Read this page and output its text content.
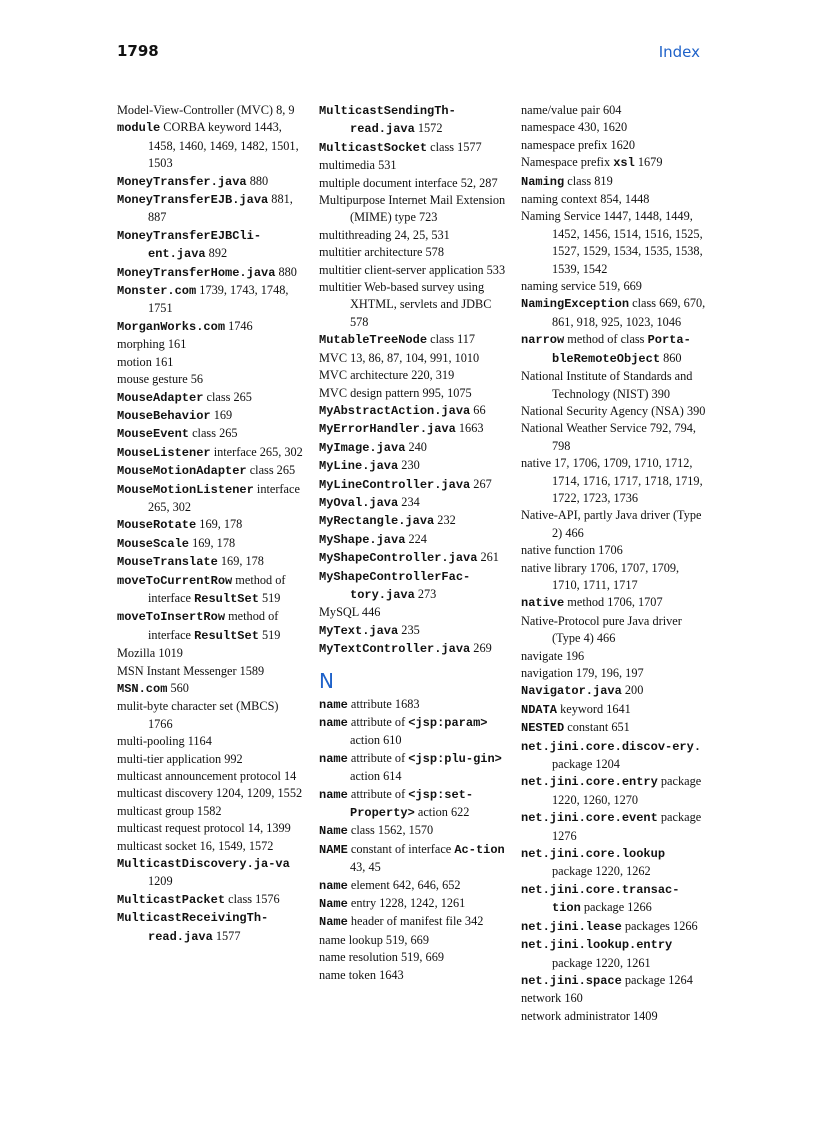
1798	Index
Model-View-Controller (MVC) 8, 9
module CORBA keyword 1443, 1458, 1460, 1469, 1482, 1501, 1503
MoneyTransfer.java 880
MoneyTransferEJB.java 881, 887
MoneyTransferEJBCli-ent.java 892
MoneyTransferHome.java 880
Monster.com 1739, 1743, 1748, 1751
MorganWorks.com 1746
morphing 161
motion 161
mouse gesture 56
MouseAdapter class 265
MouseBehavior 169
MouseEvent class 265
MouseListener interface 265, 302
MouseMotionAdapter class 265
MouseMotionListener interface 265, 302
MouseRotate 169, 178
MouseScale 169, 178
MouseTranslate 169, 178
moveToCurrentRow method of interface ResultSet 519
moveToInsertRow method of interface ResultSet 519
Mozilla 1019
MSN Instant Messenger 1589
MSN.com 560
mulit-byte character set (MBCS) 1766
multi-pooling 1164
multi-tier application 992
multicast announcement protocol 14
multicast discovery 1204, 1209, 1552
multicast group 1582
multicast request protocol 14, 1399
multicast socket 16, 1549, 1572
MulticastDiscovery.ja-va 1209
MulticastPacket class 1576
MulticastReceivingTh-read.java 1577
MulticastSendingTh-read.java 1572
MulticastSocket class 1577
multimedia 531
multiple document interface 52, 287
Multipurpose Internet Mail Extension (MIME) type 723
multithreading 24, 25, 531
multitier architecture 578
multitier client-server application 533
multitier Web-based survey using XHTML, servlets and JDBC 578
MutableTreeNode class 117
MVC 13, 86, 87, 104, 991, 1010
MVC architecture 220, 319
MVC design pattern 995, 1075
MyAbstractAction.java 66
MyErrorHandler.java 1663
MyImage.java 240
MyLine.java 230
MyLineController.java 267
MyOval.java 234
MyRectangle.java 232
MyShape.java 224
MyShapeController.java 261
MyShapeControllerFac-tory.java 273
MySQL 446
MyText.java 235
MyTextController.java 269
N
name attribute 1683
name attribute of <jsp:param> action 610
name attribute of <jsp:plu-gin> action 614
name attribute of <jsp:set-Property> action 622
Name class 1562, 1570
NAME constant of interface Ac-tion 43, 45
name element 642, 646, 652
Name entry 1228, 1242, 1261
Name header of manifest file 342
name lookup 519, 669
name resolution 519, 669
name token 1643
name/value pair 604
namespace 430, 1620
namespace prefix 1620
Namespace prefix xsl 1679
Naming class 819
naming context 854, 1448
Naming Service 1447, 1448, 1449, 1452, 1456, 1514, 1516, 1525, 1527, 1529, 1534, 1535, 1538, 1539, 1542
naming service 519, 669
NamingException class 669, 670, 861, 918, 925, 1023, 1046
narrow method of class Porta-bleRemoteObject 860
National Institute of Standards and Technology (NIST) 390
National Security Agency (NSA) 390
National Weather Service 792, 794, 798
native 17, 1706, 1709, 1710, 1712, 1714, 1716, 1717, 1718, 1719, 1722, 1723, 1736
Native-API, partly Java driver (Type 2) 466
native function 1706
native library 1706, 1707, 1709, 1710, 1711, 1717
native method 1706, 1707
Native-Protocol pure Java driver (Type 4) 466
navigate 196
navigation 179, 196, 197
Navigator.java 200
NDATA keyword 1641
NESTED constant 651
net.jini.core.discov-ery. package 1204
net.jini.core.entry package 1220, 1260, 1270
net.jini.core.event package 1276
net.jini.core.lookup package 1220, 1262
net.jini.core.transac-tion package 1266
net.jini.lease packages 1266
net.jini.lookup.entry package 1220, 1261
net.jini.space package 1264
network 160
network administrator 1409
